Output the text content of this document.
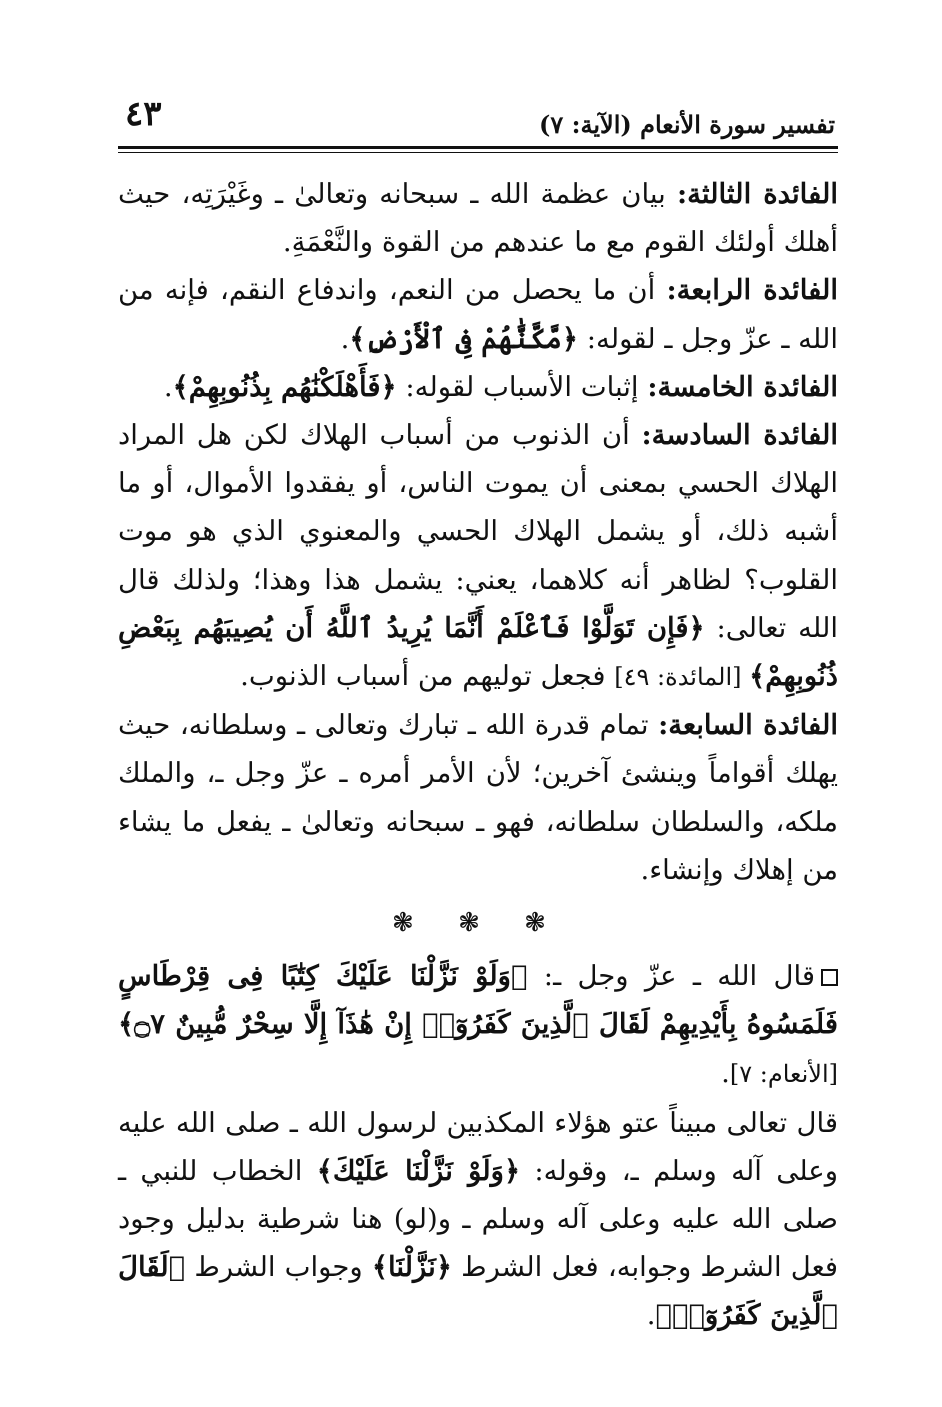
تفسير سورة الأنعام (الآية: ٧)
٤٣

الفائدة الثالثة: بيان عظمة الله ـ سبحانه وتعالىٰ ـ وغَيْرَتِه، حيث أهلك أولئك القوم مع ما عندهم من القوة والنَّعْمَةِ.

الفائدة الرابعة: أن ما يحصل من النعم، واندفاع النقم، فإنه من الله ـ عزّ وجل ـ لقوله: ﴿مَّكَّنَّٰهُمْ فِى ٱلْأَرْضِ﴾.

الفائدة الخامسة: إثبات الأسباب لقوله: ﴿فَأَهْلَكْنَٰهُم بِذُنُوبِهِمْ﴾.

الفائدة السادسة: أن الذنوب من أسباب الهلاك لكن هل المراد الهلاك الحسي بمعنى أن يموت الناس، أو يفقدوا الأموال، أو ما أشبه ذلك، أو يشمل الهلاك الحسي والمعنوي الذي هو موت القلوب؟ لظاهر أنه كلاهما، يعني: يشمل هذا وهذا؛ ولذلك قال الله تعالى: ﴿فَإِن تَوَلَّوْا فَٱعْلَمْ أَنَّمَا يُرِيدُ ٱللَّهُ أَن يُصِيبَهُم بِبَعْضِ ذُنُوبِهِمْ﴾ [المائدة: ٤٩] فجعل توليهم من أسباب الذنوب.

الفائدة السابعة: تمام قدرة الله ـ تبارك وتعالى ـ وسلطانه، حيث يهلك أقواماً وينشئ آخرين؛ لأن الأمر أمره ـ عزّ وجل ـ، والملك ملكه، والسلطان سلطانه، فهو ـ سبحانه وتعالىٰ ـ يفعل ما يشاء من إهلاك وإنشاء.

❃ ❃ ❃

قال الله ـ عزّ وجل ـ: ﴿وَلَوْ نَزَّلْنَا عَلَيْكَ كِتَٰبًا فِى قِرْطَاسٍ فَلَمَسُوهُ بِأَيْدِيهِمْ لَقَالَ ٱلَّذِينَ كَفَرُوٓا۟ إِنْ هَٰذَآ إِلَّا سِحْرٌ مُّبِينٌ ۝٧﴾ [الأنعام: ٧].

قال تعالى مبيناً عتو هؤلاء المكذبين لرسول الله ـ صلى الله عليه وعلى آله وسلم ـ، وقوله: ﴿وَلَوْ نَزَّلْنَا عَلَيْكَ﴾ الخطاب للنبي ـ صلى الله عليه وعلى آله وسلم ـ و(لو) هنا شرطية بدليل وجود فعل الشرط وجوابه، فعل الشرط ﴿نَزَّلْنَا﴾ وجواب الشرط ﴿لَقَالَ ٱلَّذِينَ كَفَرُوٓا۟﴾.
